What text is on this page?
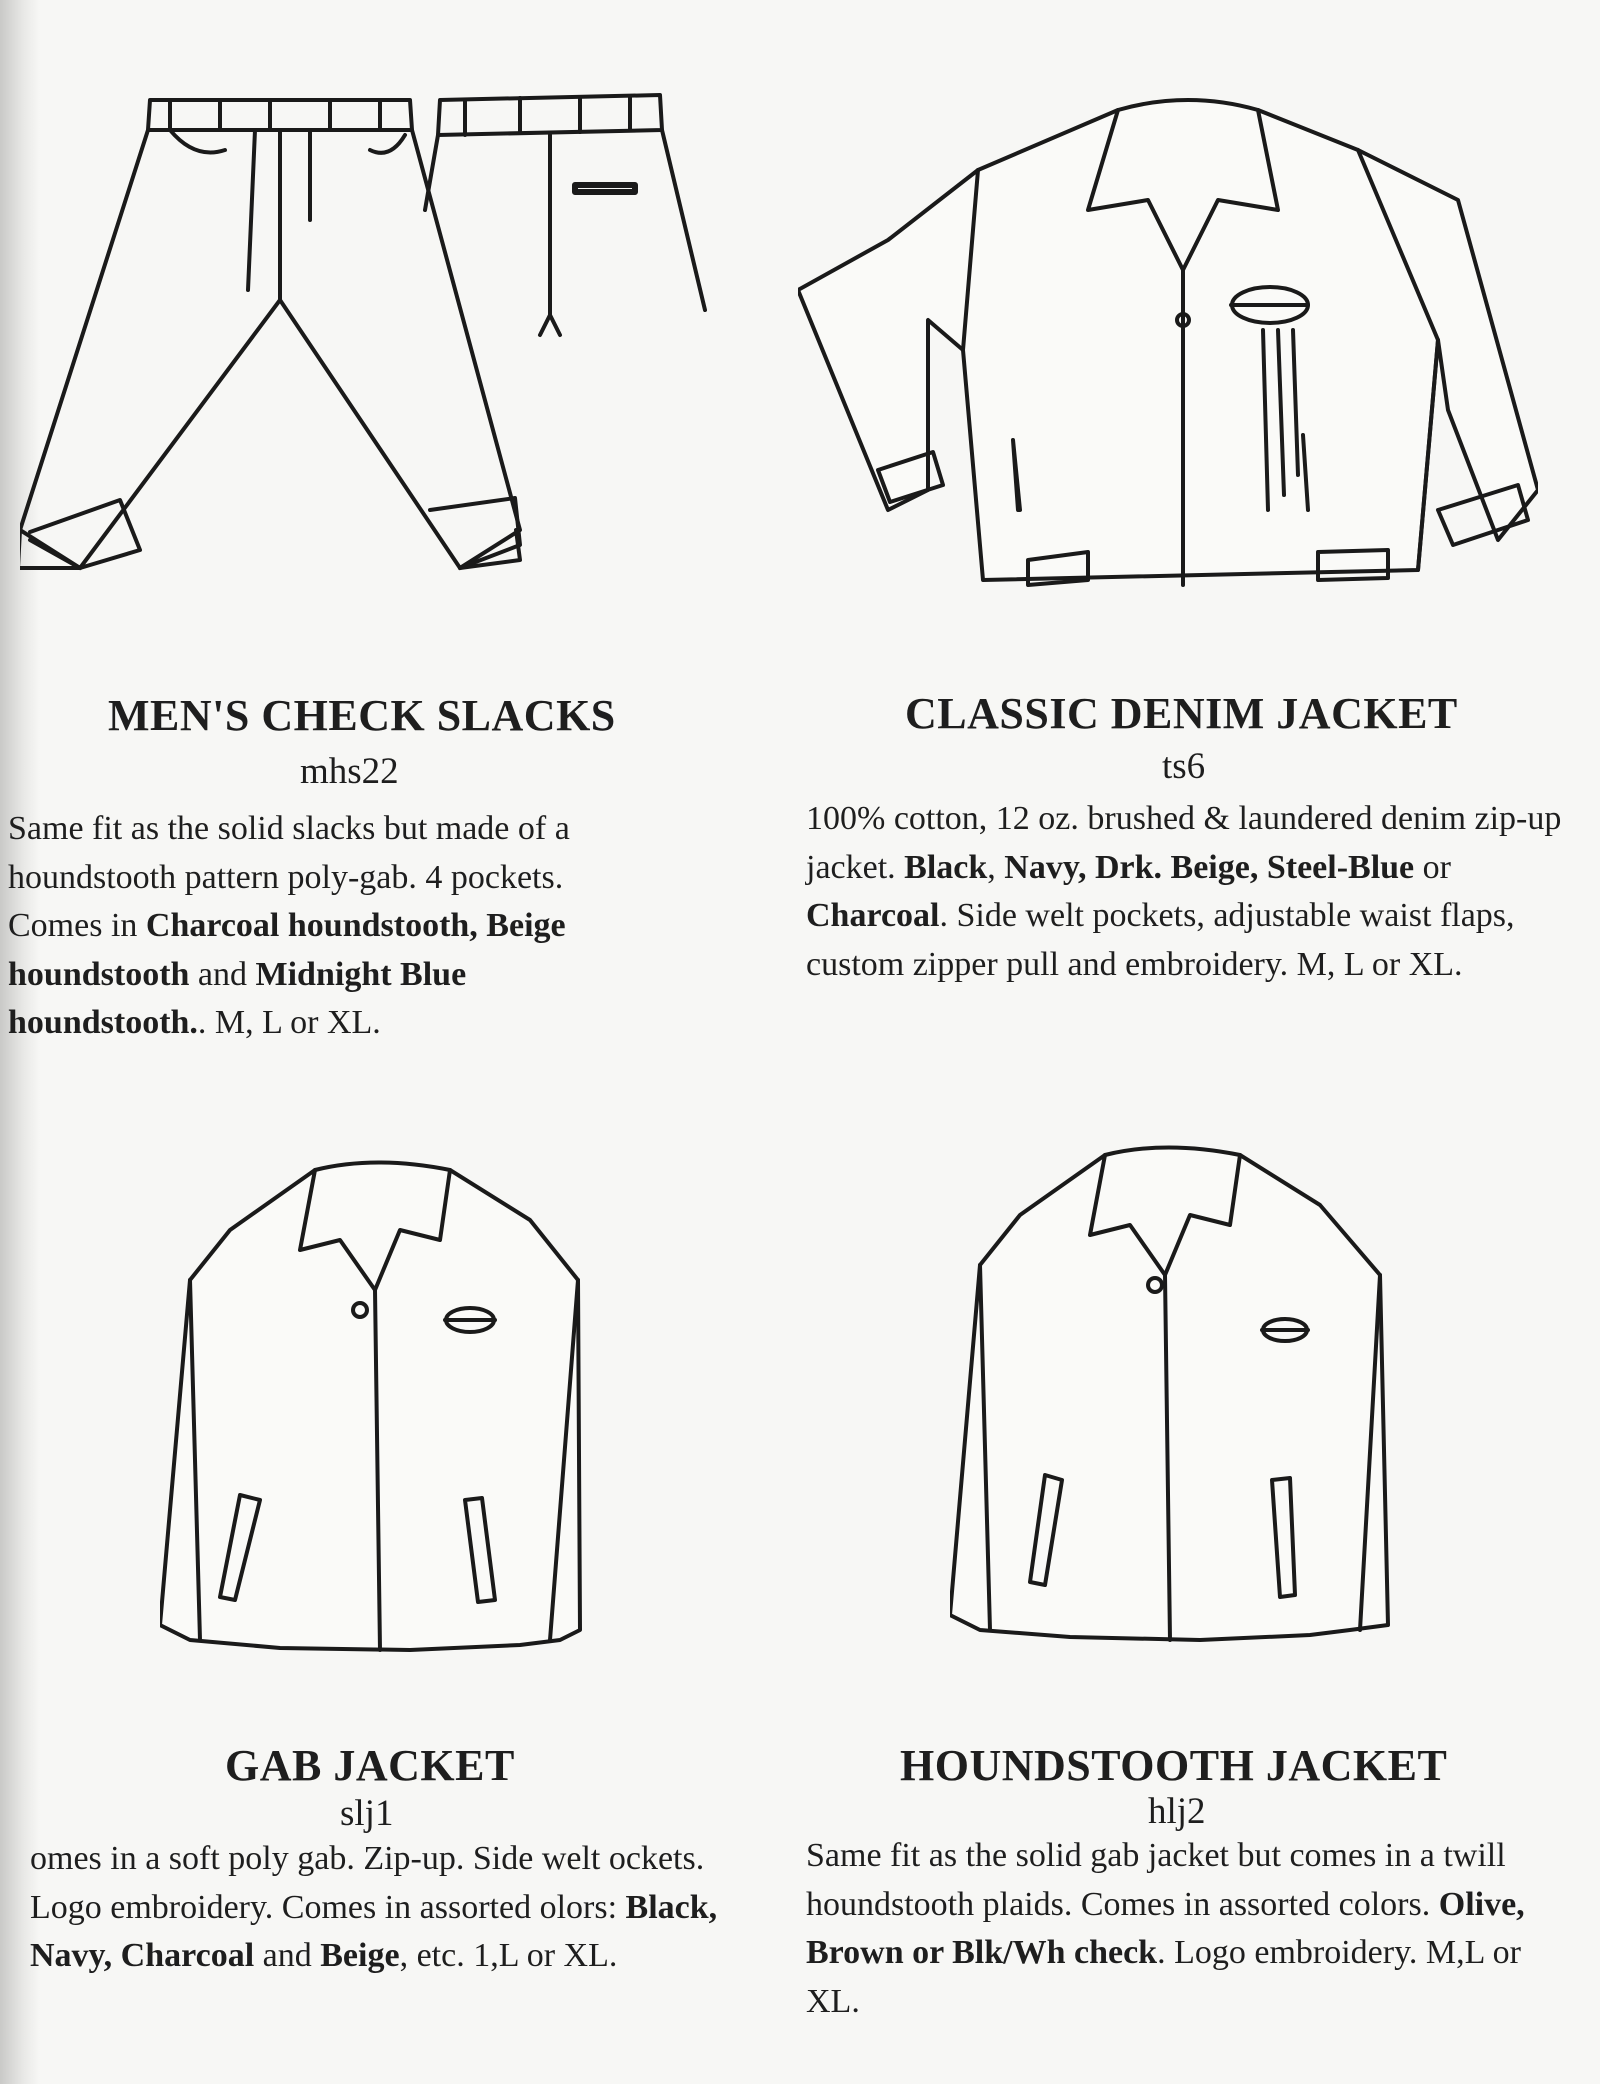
MEN'S CHECK SLACKS
mhs22
Same fit as the solid slacks but made of a houndstooth pattern poly-gab. 4 pockets. Comes in Charcoal houndstooth, Beige houndstooth and Midnight Blue houndstooth.. M, L or XL.
CLASSIC DENIM JACKET
ts6
100% cotton, 12 oz. brushed & laundered denim zip-up jacket. Black, Navy, Drk. Beige, Steel-Blue or Charcoal. Side welt pockets, adjustable waist flaps, custom zipper pull and embroidery. M, L or XL.
GAB JACKET
slj1
omes in a soft poly gab. Zip-up. Side welt ockets. Logo embroidery. Comes in assorted olors: Black, Navy, Charcoal and Beige, etc. 1,L or XL.
HOUNDSTOOTH JACKET
hlj2
Same fit as the solid gab jacket but comes in a twill houndstooth plaids. Comes in assorted colors. Olive, Brown or Blk/Wh check. Logo embroidery. M,L or XL.
